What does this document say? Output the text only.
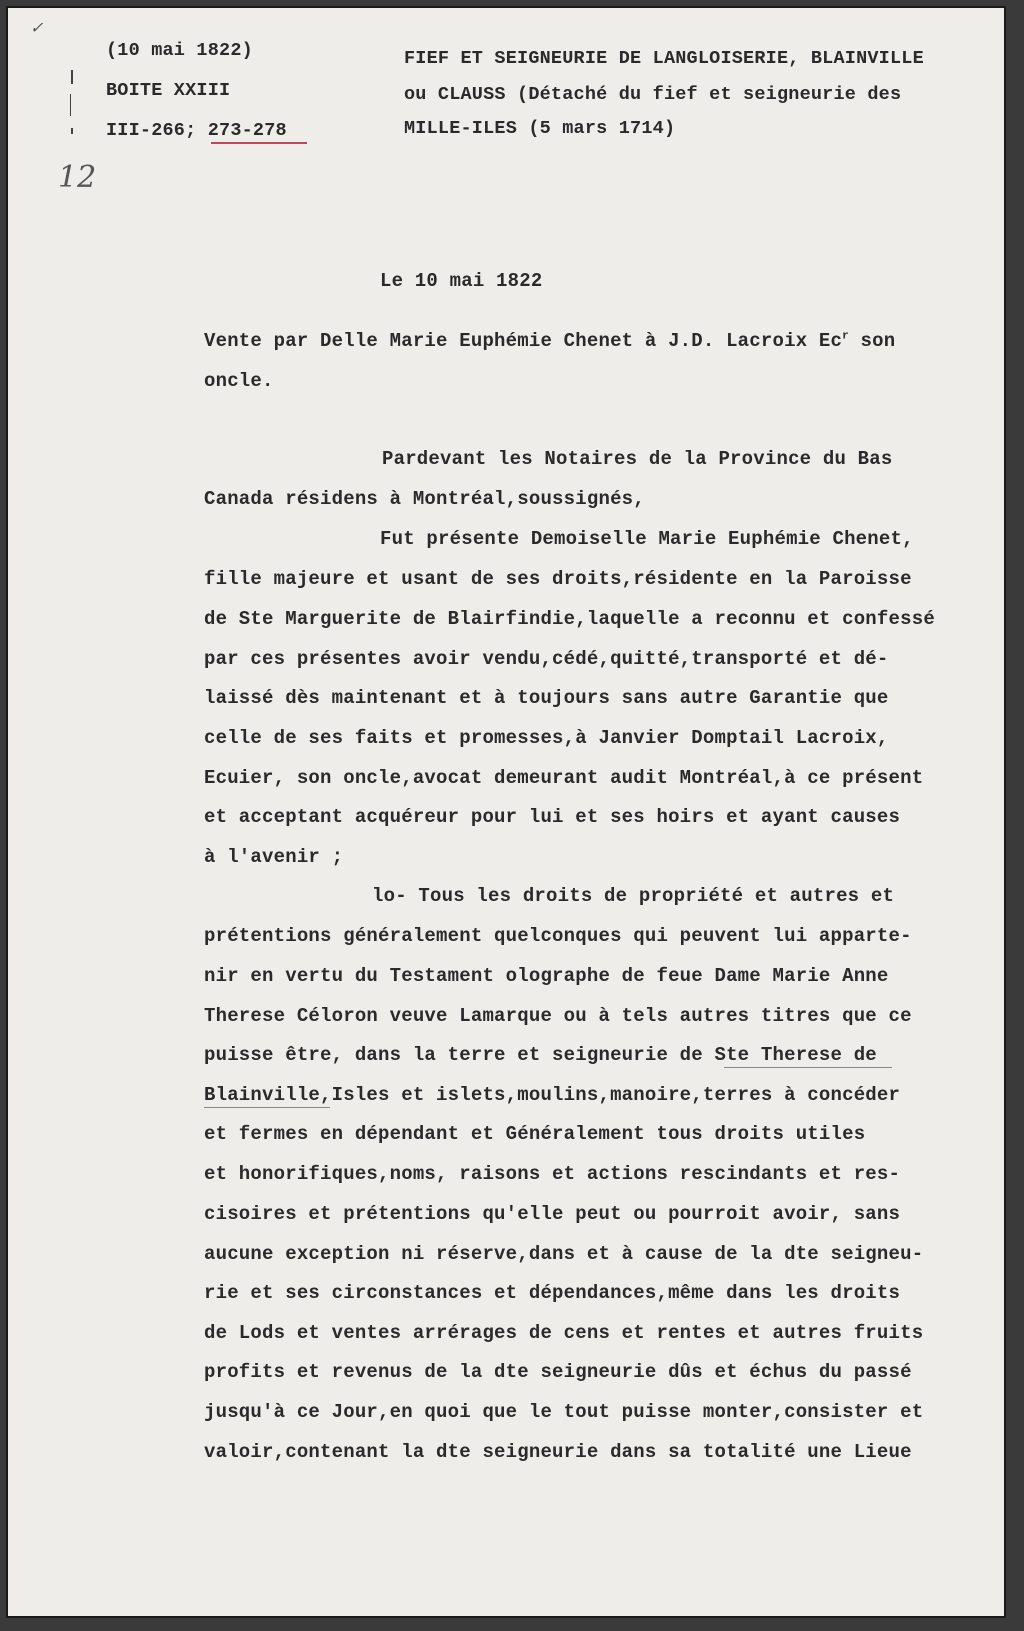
✓
12
(10 mai 1822)
BOITE XXIII
III-266; 273-278
FIEF ET SEIGNEURIE DE LANGLOISERIE, BLAINVILLE
ou CLAUSS (Détaché du fief et seigneurie des
MILLE-ILES (5 mars 1714)
Le 10 mai 1822
Vente par Delle Marie Euphémie Chenet à J.D. Lacroix Ec$^r$ son
oncle.
Pardevant les Notaires de la Province du Bas
Canada résidens à Montréal,soussignés,
Fut présente Demoiselle Marie Euphémie Chenet,
fille majeure et usant de ses droits,résidente en la Paroisse
de Ste Marguerite de Blairfindie,laquelle a reconnu et confessé
par ces présentes avoir vendu,cédé,quitté,transporté et dé-
laissé dès maintenant et à toujours sans autre Garantie que
celle de ses faits et promesses,à Janvier Domptail Lacroix,
Ecuier, son oncle,avocat demeurant audit Montréal,à ce présent
et acceptant acquéreur pour lui et ses hoirs et ayant causes
à l'avenir ;
lo- Tous les droits de propriété et autres et
prétentions généralement quelconques qui peuvent lui apparte-
nir en vertu du Testament olographe de feue Dame Marie Anne
Therese Céloron veuve Lamarque ou à tels autres titres que ce
puisse être, dans la terre et seigneurie de Ste Therese de
Blainville,Isles et islets,moulins,manoire,terres à concéder
et fermes en dépendant et Généralement tous droits utiles
et honorifiques,noms, raisons et actions rescindants et res-
cisoires et prétentions qu'elle peut ou pourroit avoir, sans
aucune exception ni réserve,dans et à cause de la dte seigneu-
rie et ses circonstances et dépendances,même dans les droits
de Lods et ventes arrérages de cens et rentes et autres fruits
profits et revenus de la dte seigneurie dûs et échus du passé
jusqu'à ce Jour,en quoi que le tout puisse monter,consister et
valoir,contenant la dte seigneurie dans sa totalité une Lieue
